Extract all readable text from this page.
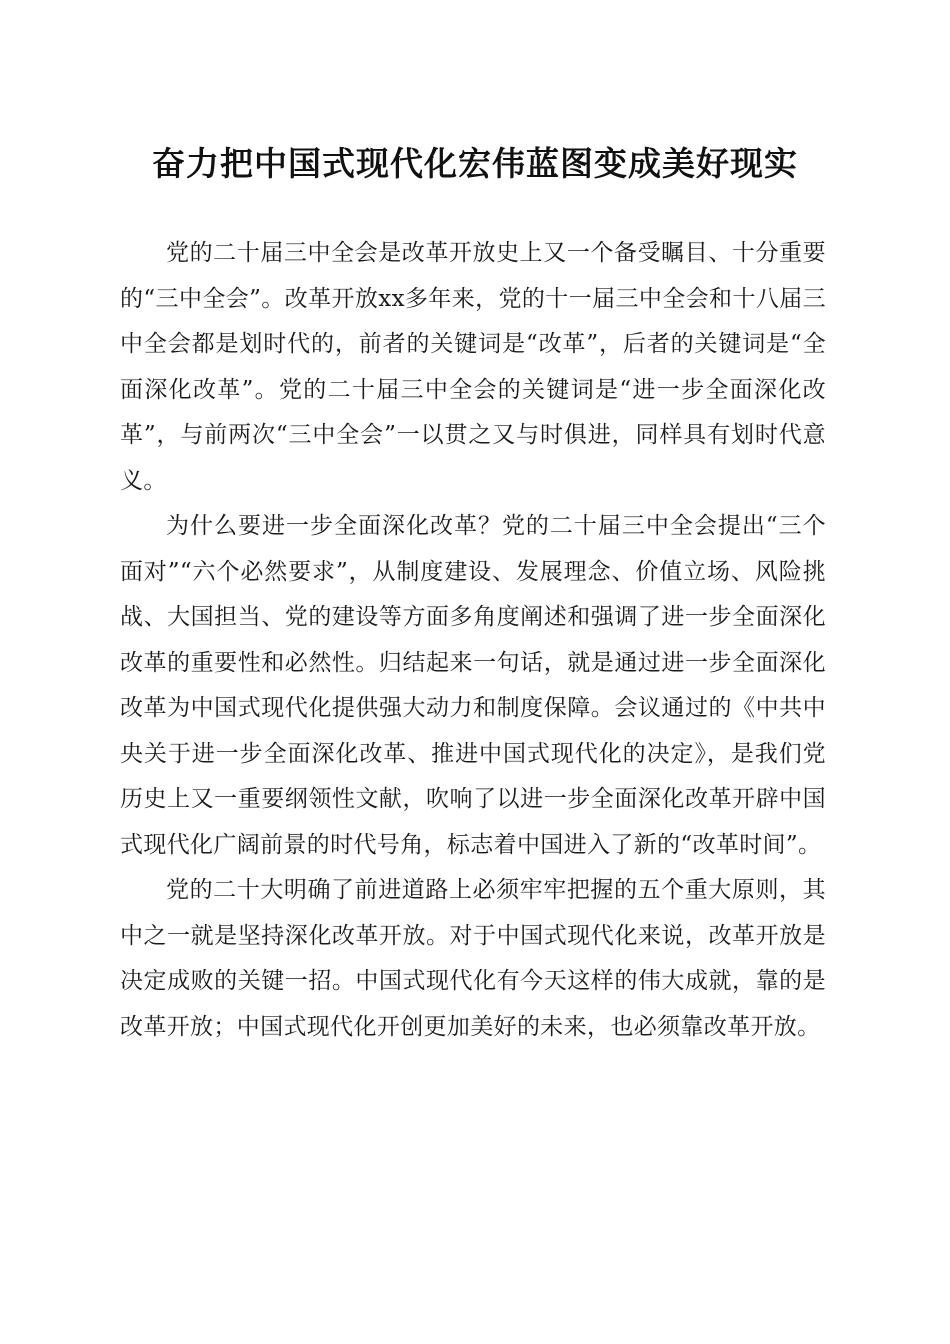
奋力把中国式现代化宏伟蓝图变成美好现实

党的二十届三中全会是改革开放史上又一个备受瞩目、十分重要的“三中全会”。改革开放xx多年来，党的十一届三中全会和十八届三中全会都是划时代的，前者的关键词是“改革”，后者的关键词是“全面深化改革”。党的二十届三中全会的关键词是“进一步全面深化改革”，与前两次“三中全会”一以贯之又与时俱进，同样具有划时代意义。

为什么要进一步全面深化改革？党的二十届三中全会提出“三个面对”“六个必然要求”，从制度建设、发展理念、价值立场、风险挑战、大国担当、党的建设等方面多角度阐述和强调了进一步全面深化改革的重要性和必然性。归结起来一句话，就是通过进一步全面深化改革为中国式现代化提供强大动力和制度保障。会议通过的《中共中央关于进一步全面深化改革、推进中国式现代化的决定》，是我们党历史上又一重要纲领性文献，吹响了以进一步全面深化改革开辟中国式现代化广阔前景的时代号角，标志着中国进入了新的“改革时间”。

党的二十大明确了前进道路上必须牢牢把握的五个重大原则，其中之一就是坚持深化改革开放。对于中国式现代化来说，改革开放是决定成败的关键一招。中国式现代化有今天这样的伟大成就，靠的是改革开放；中国式现代化开创更加美好的未来，也必须靠改革开放。
